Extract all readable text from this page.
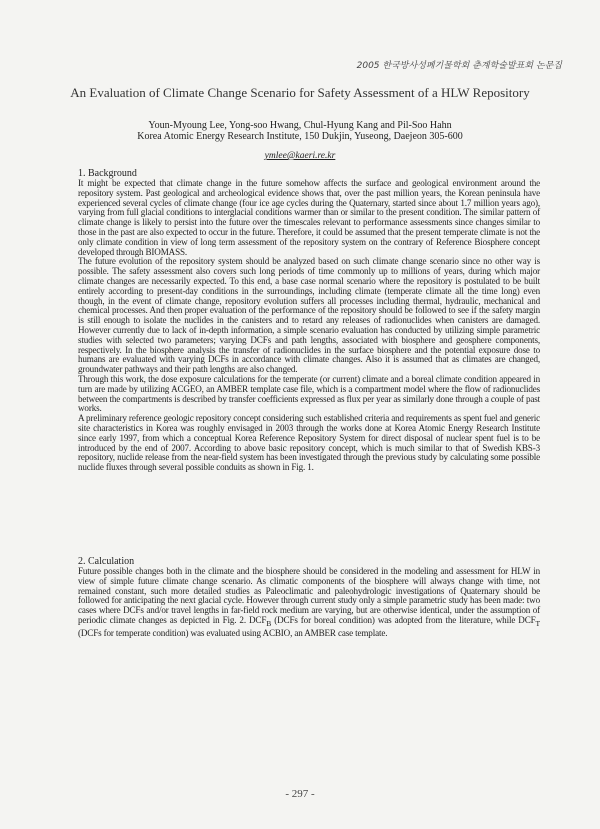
2005 한국방사성폐기물학회 춘계학술발표회 논문집
An Evaluation of Climate Change Scenario for Safety Assessment of a HLW Repository
Youn-Myoung Lee, Yong-soo Hwang, Chul-Hyung Kang and Pil-Soo Hahn
Korea Atomic Energy Research Institute, 150 Dukjin, Yuseong, Daejeon 305-600
ymlee@kaeri.re.kr

1. Background

It might be expected that climate change in the future somehow affects the surface and geological environment around the repository system. Past geological and archeological evidence shows that, over the past million years, the Korean peninsula have experienced several cycles of climate change (four ice age cycles during the Quaternary, started since about 1.7 million years ago), varying from full glacial conditions to interglacial conditions warmer than or similar to the present condition. The similar pattern of climate change is likely to persist into the future over the timescales relevant to performance assessments since changes similar to those in the past are also expected to occur in the future. Therefore, it could be assumed that the present temperate climate is not the only climate condition in view of long term assessment of the repository system on the contrary of Reference Biosphere concept developed through BIOMASS.

The future evolution of the repository system should be analyzed based on such climate change scenario since no other way is possible. The safety assessment also covers such long periods of time commonly up to millions of years, during which major climate changes are necessarily expected. To this end, a base case normal scenario where the repository is postulated to be built entirely according to present-day conditions in the surroundings, including climate (temperate climate all the time long) even though, in the event of climate change, repository evolution suffers all processes including thermal, hydraulic, mechanical and chemical processes. And then proper evaluation of the performance of the repository should be followed to see if the safety margin is still enough to isolate the nuclides in the canisters and to retard any releases of radionuclides when canisters are damaged. However currently due to lack of in-depth information, a simple scenario evaluation has conducted by utilizing simple parametric studies with selected two parameters; varying DCFs and path lengths, associated with biosphere and geosphere components, respectively. In the biosphere analysis the transfer of radionuclides in the surface biosphere and the potential exposure dose to humans are evaluated with varying DCFs in accordance with climate changes. Also it is assumed that as climates are changed, groundwater pathways and their path lengths are also changed.

Through this work, the dose exposure calculations for the temperate (or current) climate and a boreal climate condition appeared in turn are made by utilizing ACGEO, an AMBER template case file, which is a compartment model where the flow of radionuclides between the compartments is described by transfer coefficients expressed as flux per year as similarly done through a couple of past works.

A preliminary reference geologic repository concept considering such established criteria and requirements as spent fuel and generic site characteristics in Korea was roughly envisaged in 2003 through the works done at Korea Atomic Energy Research Institute since early 1997, from which a conceptual Korea Reference Repository System for direct disposal of nuclear spent fuel is to be introduced by the end of 2007. According to above basic repository concept, which is much similar to that of Swedish KBS-3 repository, nuclide release from the near-field system has been investigated through the previous study by calculating some possible nuclide fluxes through several possible conduits as shown in Fig. 1.

2. Calculation

Future possible changes both in the climate and the biosphere should be considered in the modeling and assessment for HLW in view of simple future climate change scenario. As climatic components of the biosphere will always change with time, not remained constant, such more detailed studies as Paleoclimatic and paleohydrologic investigations of Quaternary should be followed for anticipating the next glacial cycle. However through current study only a simple parametric study has been made: two cases where DCFs and/or travel lengths in far-field rock medium are varying, but are otherwise identical, under the assumption of periodic climate changes as depicted in Fig. 2. $DCF_B$ (DCFs for boreal condition) was adopted from the literature, while $DCF_T$ (DCFs for temperate condition) was evaluated using ACBIO, an AMBER case template.

- 297 -
